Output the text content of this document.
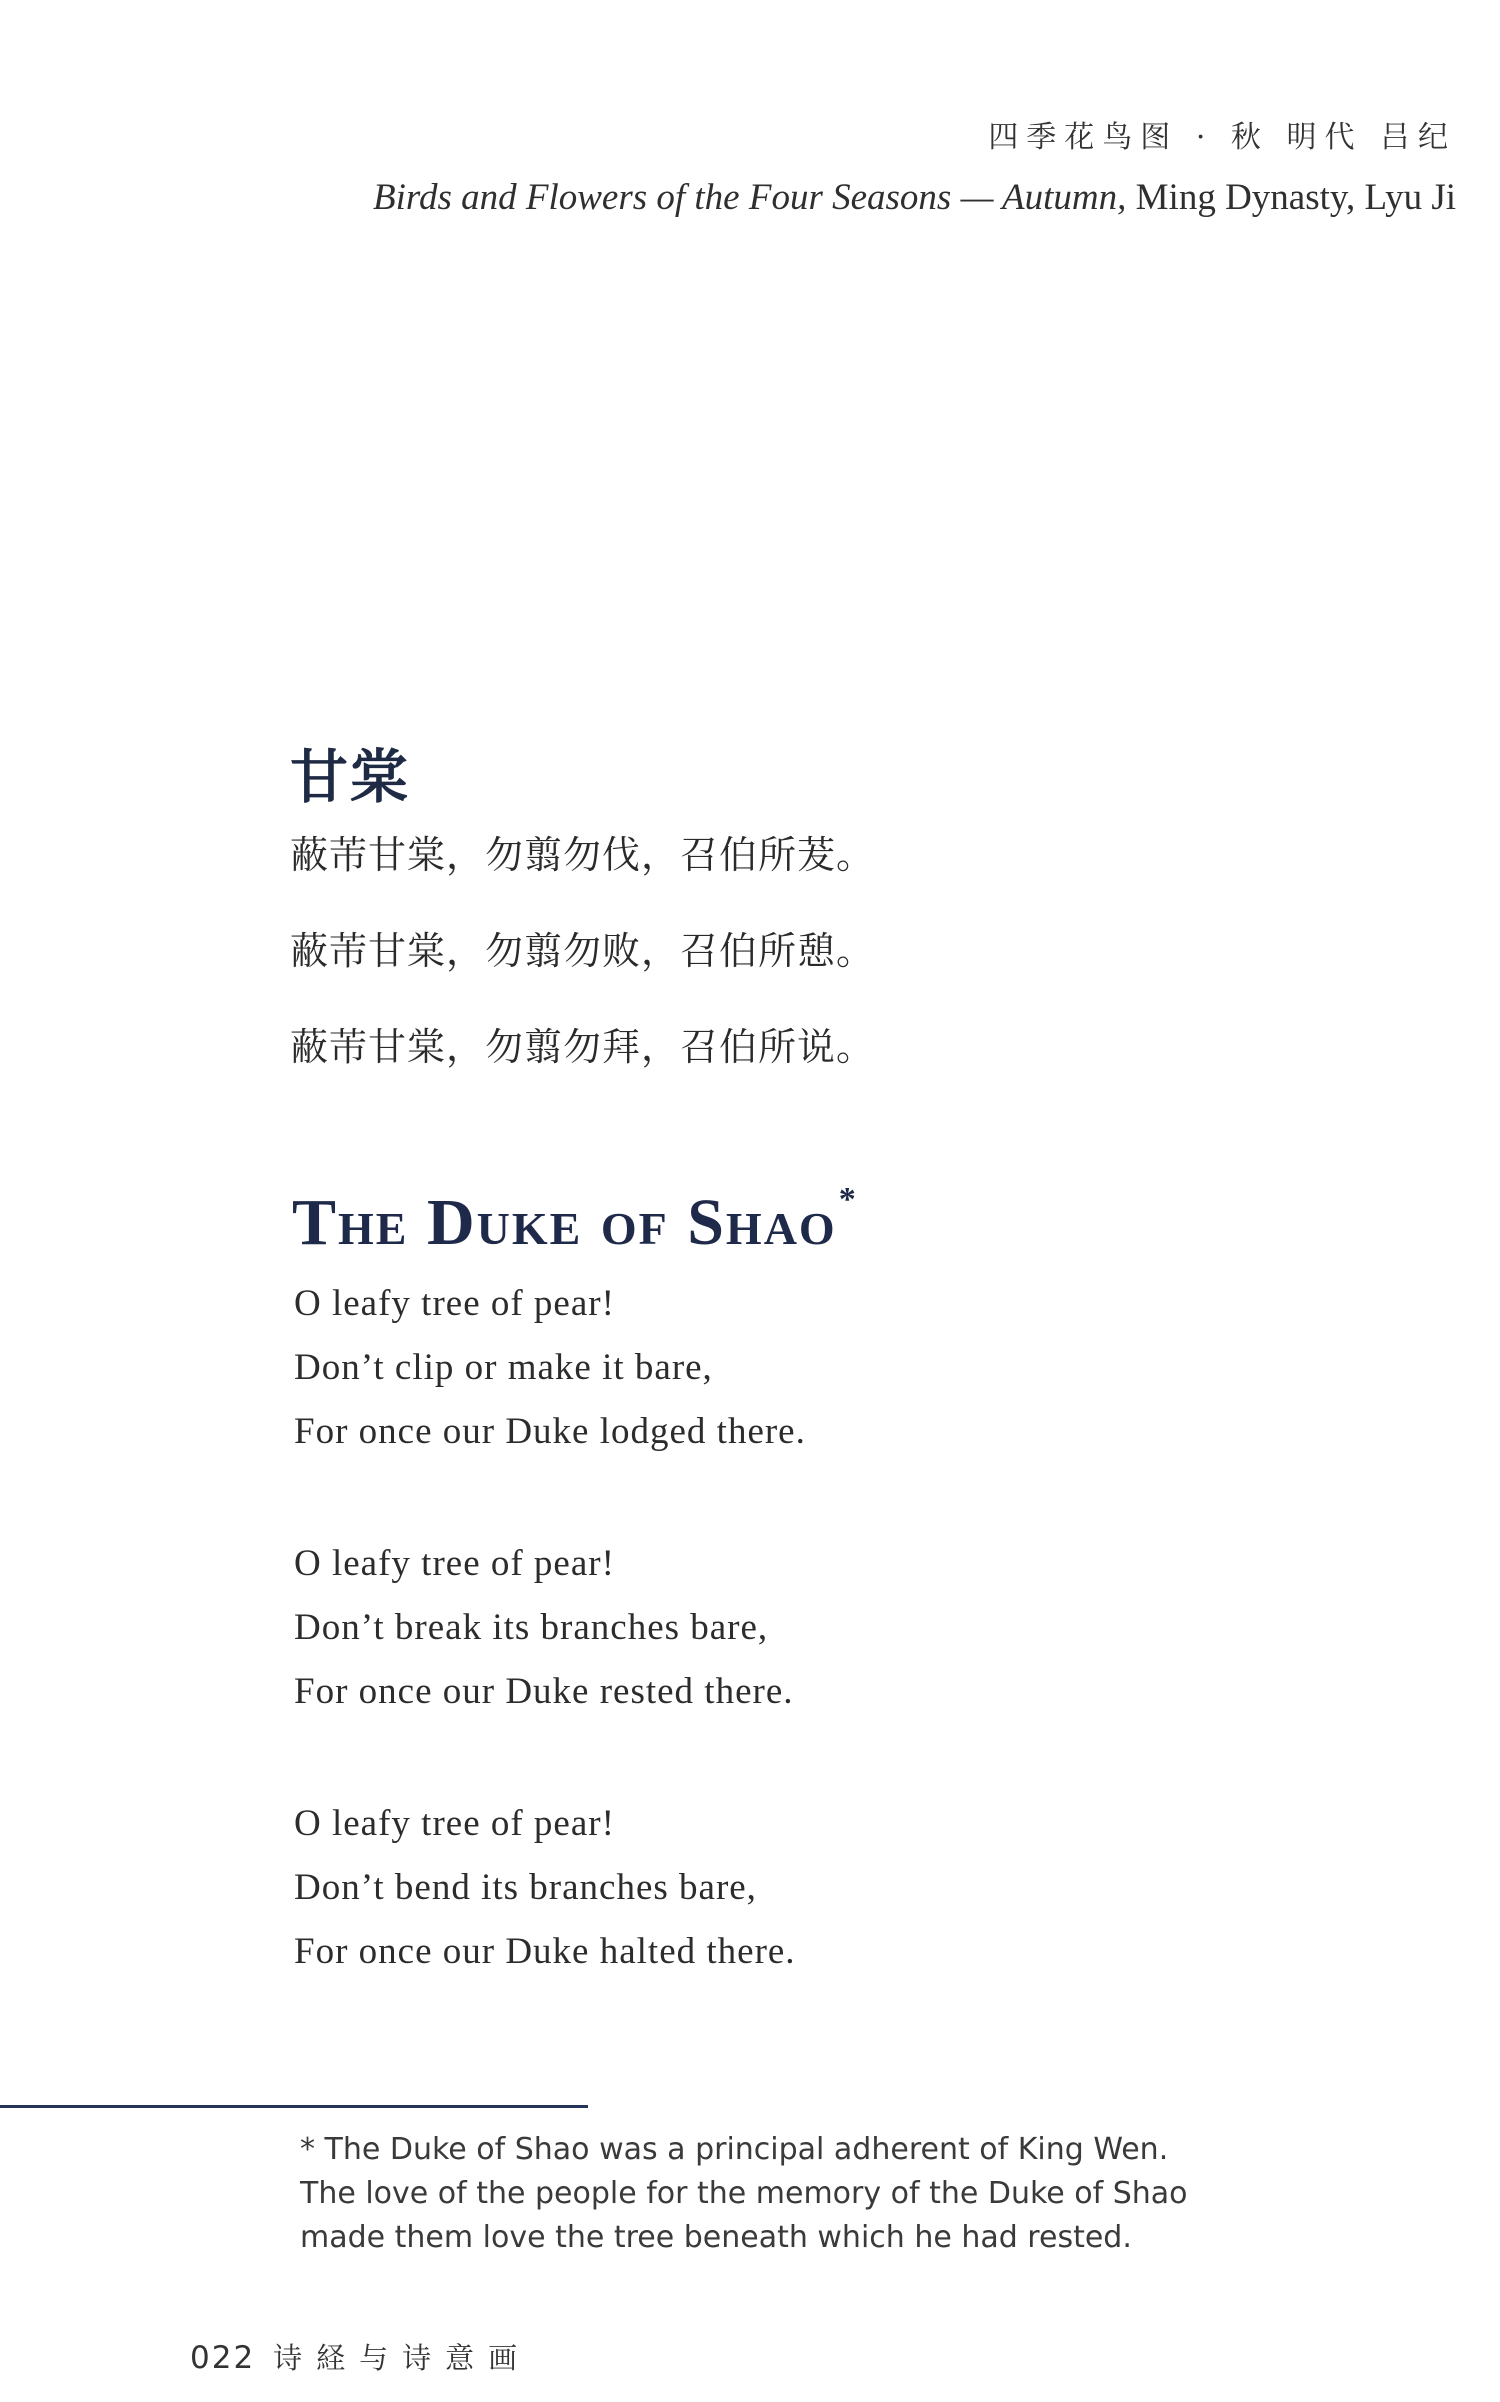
四季花鸟图 · 秋 明代 吕纪
Birds and Flowers of the Four Seasons — Autumn, Ming Dynasty, Lyu Ji
甘棠
蔽芾甘棠，勿翦勿伐，召伯所茇。
蔽芾甘棠，勿翦勿败，召伯所憩。
蔽芾甘棠，勿翦勿拜，召伯所说。
The Duke of Shao*
O leafy tree of pear!
Don’t clip or make it bare,
For once our Duke lodged there.
O leafy tree of pear!
Don’t break its branches bare,
For once our Duke rested there.
O leafy tree of pear!
Don’t bend its branches bare,
For once our Duke halted there.

* The Duke of Shao was a principal adherent of King Wen.

The love of the people for the memory of the Duke of Shao

made them love the tree beneath which he had rested.

022 诗経与诗意画
